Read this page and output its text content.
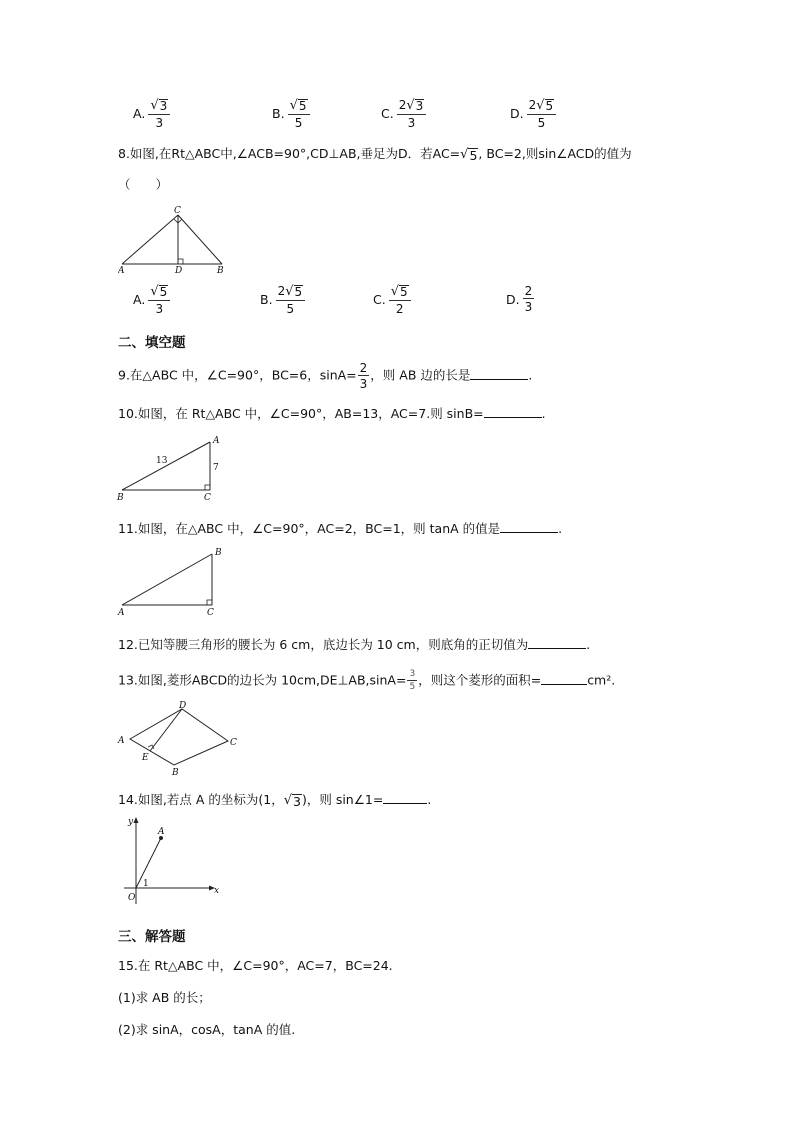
A. $\frac{√ 3}{3}$	B. $\frac{√ 5}{5}$	C. $\frac{2 √ 3}{3}$	D. $\frac{2 √ 5}{5}$
8.如图,在Rt△ABC中,∠ACB=90°,CD⊥AB,垂足为D．若AC= √ 5 , BC=2,则sin∠ACD的值为
（　　）
A
C
D	B
A. $\frac{√ 5}{3}$	B. $\frac{2 √ 5}{5}$	C. $\frac{√ 5}{2}$	D. $\frac{2}{3}$
二、填空题
9.在△ABC 中，∠C=90°，BC=6，$\sin A= \frac{2}{3}$ ，则 AB 边的长是	.
10.如图，在 Rt△ABC 中，∠C=90°，AB=13，AC=7.则 sinB=	.
B	C
A
13
7
11.如图，在△ABC 中，∠C=90°，AC=2，BC=1，则 tanA 的值是	.
A	C
B
12.已知等腰三角形的腰长为 6 cm，底边长为 10 cm，则底角的正切值为	.
13.如图,菱形ABCD的边长为 10cm,DE⊥AB,sinA= $\frac{3}{5}$ ，则这个菱形的面积=	cm².
A
D
C
B
E
14.如图,若点 A 的坐标为(1， √ 3 )，则 sin∠1=	.
y
x
O
A
1
三、解答题
15.在 Rt△ABC 中，∠C=90°，AC=7，BC=24.
(1)求 AB 的长；
(2)求 sinA，cosA，tanA 的值.
